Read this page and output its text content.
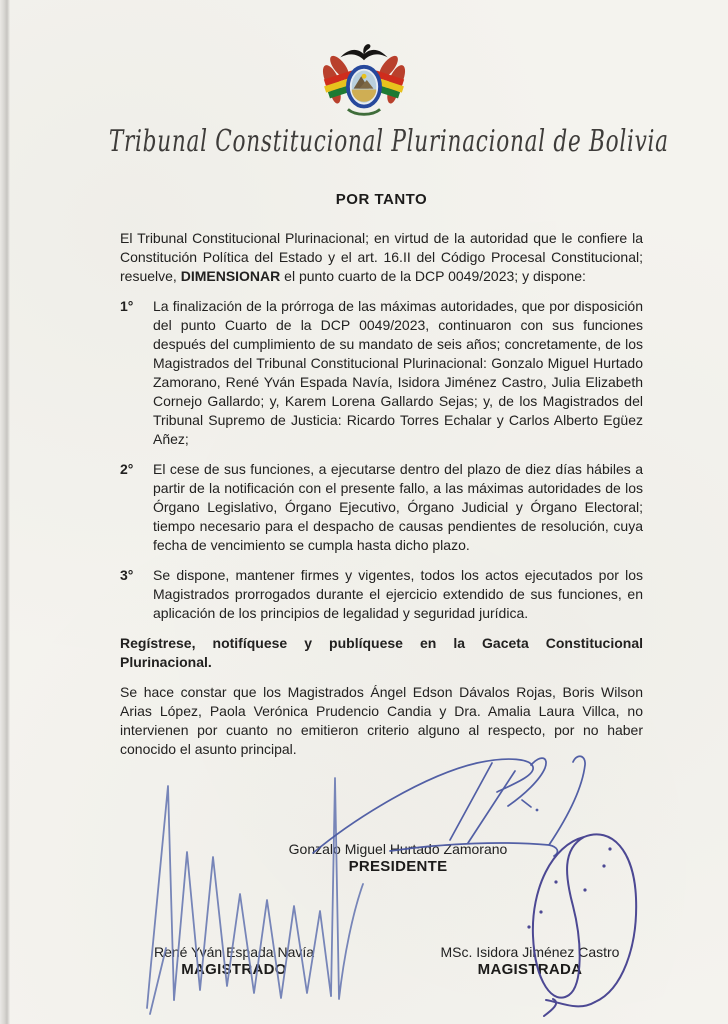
Tribunal Constitucional Plurinacional de Bolivia
POR TANTO

El Tribunal Constitucional Plurinacional; en virtud de la autoridad que le confiere la Constitución Política del Estado y el art. 16.II del Código Procesal Constitucional; resuelve, DIMENSIONAR el punto cuarto de la DCP 0049/2023; y dispone:

1°	La finalización de la prórroga de las máximas autoridades, que por disposición del punto Cuarto de la DCP 0049/2023, continuaron con sus funciones después del cumplimiento de su mandato de seis años; concretamente, de los Magistrados del Tribunal Constitucional Plurinacional: Gonzalo Miguel Hurtado Zamorano, René Yván Espada Navía, Isidora Jiménez Castro, Julia Elizabeth Cornejo Gallardo; y, Karem Lorena Gallardo Sejas; y, de los Magistrados del Tribunal Supremo de Justicia: Ricardo Torres Echalar y Carlos Alberto Egüez Añez;

2°	El cese de sus funciones, a ejecutarse dentro del plazo de diez días hábiles a partir de la notificación con el presente fallo, a las máximas autoridades de los Órgano Legislativo, Órgano Ejecutivo, Órgano Judicial y Órgano Electoral; tiempo necesario para el despacho de causas pendientes de resolución, cuya fecha de vencimiento se cumpla hasta dicho plazo.

3°	Se dispone, mantener firmes y vigentes, todos los actos ejecutados por los Magistrados prorrogados durante el ejercicio extendido de sus funciones, en aplicación de los principios de legalidad y seguridad jurídica.

Regístrese, notifíquese y publíquese en la Gaceta Constitucional Plurinacional.

Se hace constar que los Magistrados Ángel Edson Dávalos Rojas, Boris Wilson Arias López, Paola Verónica Prudencio Candia y Dra. Amalia Laura Villca, no intervienen por cuanto no emitieron criterio alguno al respecto, por no haber conocido el asunto principal.

Gonzalo Miguel Hurtado Zamorano
PRESIDENTE
René Yván Espada Navía
MAGISTRADO
MSc. Isidora Jiménez Castro
MAGISTRADA
